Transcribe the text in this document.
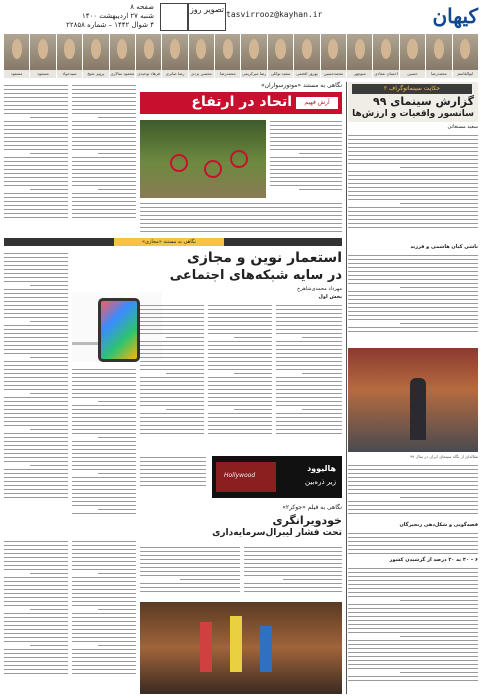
کیهان
تصویر روز
tasvirrooz@kayhan.ir
صفحه ۸
شنبه ۲۷ اردیبهشت ۱۴۰۰
۴ شوال ۱۴۴۲ – شماره ۲۲۸۵۸
ابوالقاسم
محمدرضا
حسین
احسان عمادی
منوچهر
محمدحسین
بهروز افخمی
سعید توکلی
رضا میرکریمی
محمدرضا
محسن یزدی
رضا صابری
فرهاد توحیدی
محمود سالاری
پرویز شیخ
سیدجواد
مسعود
مسعود
حکایت سینماتوگراف ۲
گزارش سینمای ۹۹
سانسور واقعیات و ارزش‌ها
سعید مستغاثی
ناشی کیان هاشمی و فرزند
مقاله‌ای از نگاه سینمای ایران در سال ۹۹
قصه‌گویی و شکل‌دهی زنجیرگان
۶ – ۳۰ به ۲۰ درصد از گرشیدن کشور
نگاهی به مستند «موتورسواران»
اتحاد در ارتفاع	آرش فهیم
نگاهی به مستند «مجازی»
استعمار نوین و مجازی
در سایه شبکه‌های اجتماعی
مهرداد محمدی‌شاهرخ
بخش اول
Hollywood
هالیوود
زیر ذره‌بین
نگاهی به فیلم «جوکر۲»
خودویرانگری
تحت فشار لیبرال‌سرمایه‌داری
